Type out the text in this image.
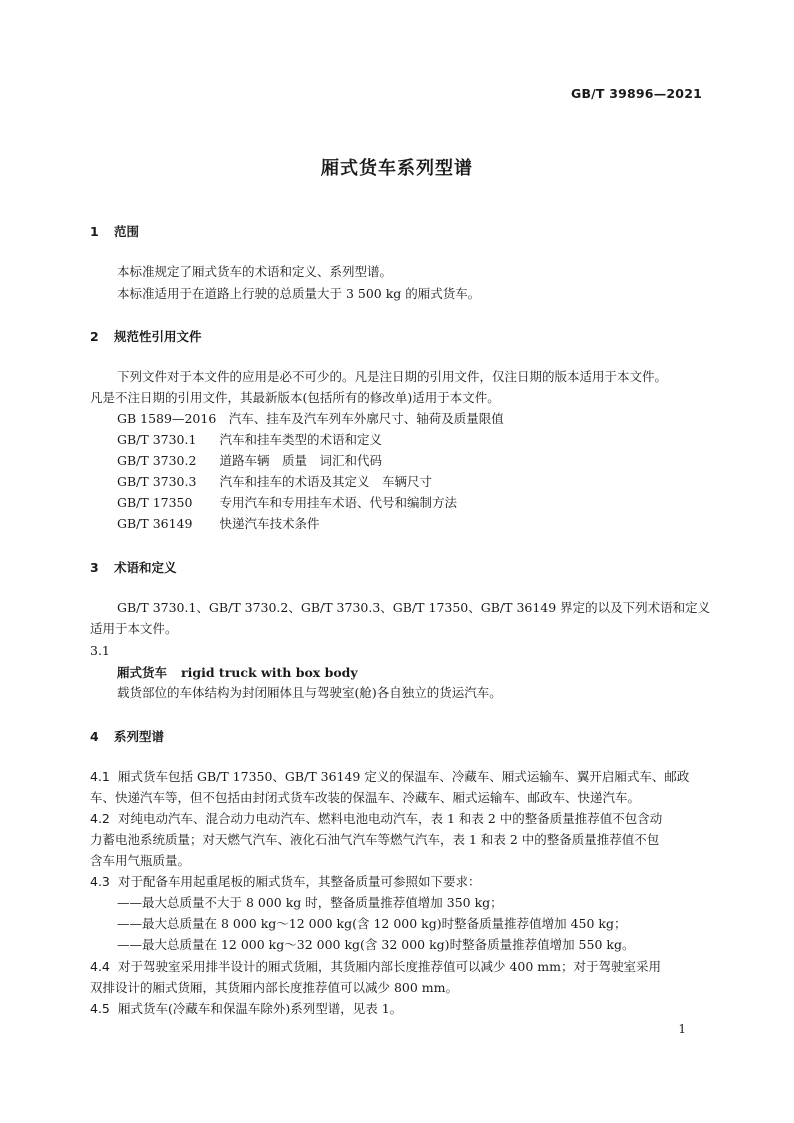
GB/T 39896—2021
厢式货车系列型谱
1 范围
本标准规定了厢式货车的术语和定义、系列型谱。
本标准适用于在道路上行驶的总质量大于 3 500 kg 的厢式货车。
2 规范性引用文件
下列文件对于本文件的应用是必不可少的。凡是注日期的引用文件，仅注日期的版本适用于本文件。
凡是不注日期的引用文件，其最新版本(包括所有的修改单)适用于本文件。
GB 1589—2016　 汽车、挂车及汽车列车外廓尺寸、轴荷及质量限值
GB/T 3730.1　 汽车和挂车类型的术语和定义
GB/T 3730.2　 道路车辆　质量　词汇和代码
GB/T 3730.3　 汽车和挂车的术语及其定义　车辆尺寸
GB/T 17350　 专用汽车和专用挂车术语、代号和编制方法
GB/T 36149　 快递汽车技术条件
3 术语和定义
GB/T 3730.1、GB/T 3730.2、GB/T 3730.3、GB/T 17350、GB/T 36149 界定的以及下列术语和定义
适用于本文件。
3.1
厢式货车 rigid truck with box body
载货部位的车体结构为封闭厢体且与驾驶室(舱)各自独立的货运汽车。
4 系列型谱
4.1 厢式货车包括 GB/T 17350、GB/T 36149 定义的保温车、冷藏车、厢式运输车、翼开启厢式车、邮政
车、快递汽车等，但不包括由封闭式货车改装的保温车、冷藏车、厢式运输车、邮政车、快递汽车。
4.2 对纯电动汽车、混合动力电动汽车、燃料电池电动汽车，表 1 和表 2 中的整备质量推荐值不包含动
力蓄电池系统质量；对天燃气汽车、液化石油气汽车等燃气汽车，表 1 和表 2 中的整备质量推荐值不包
含车用气瓶质量。
4.3 对于配备车用起重尾板的厢式货车，其整备质量可参照如下要求：
——最大总质量不大于 8 000 kg 时，整备质量推荐值增加 350 kg；
——最大总质量在 8 000 kg～12 000 kg(含 12 000 kg)时整备质量推荐值增加 450 kg；
——最大总质量在 12 000 kg～32 000 kg(含 32 000 kg)时整备质量推荐值增加 550 kg。
4.4 对于驾驶室采用排半设计的厢式货厢，其货厢内部长度推荐值可以减少 400 mm；对于驾驶室采用
双排设计的厢式货厢，其货厢内部长度推荐值可以减少 800 mm。
4.5 厢式货车(冷藏车和保温车除外)系列型谱，见表 1。
1
